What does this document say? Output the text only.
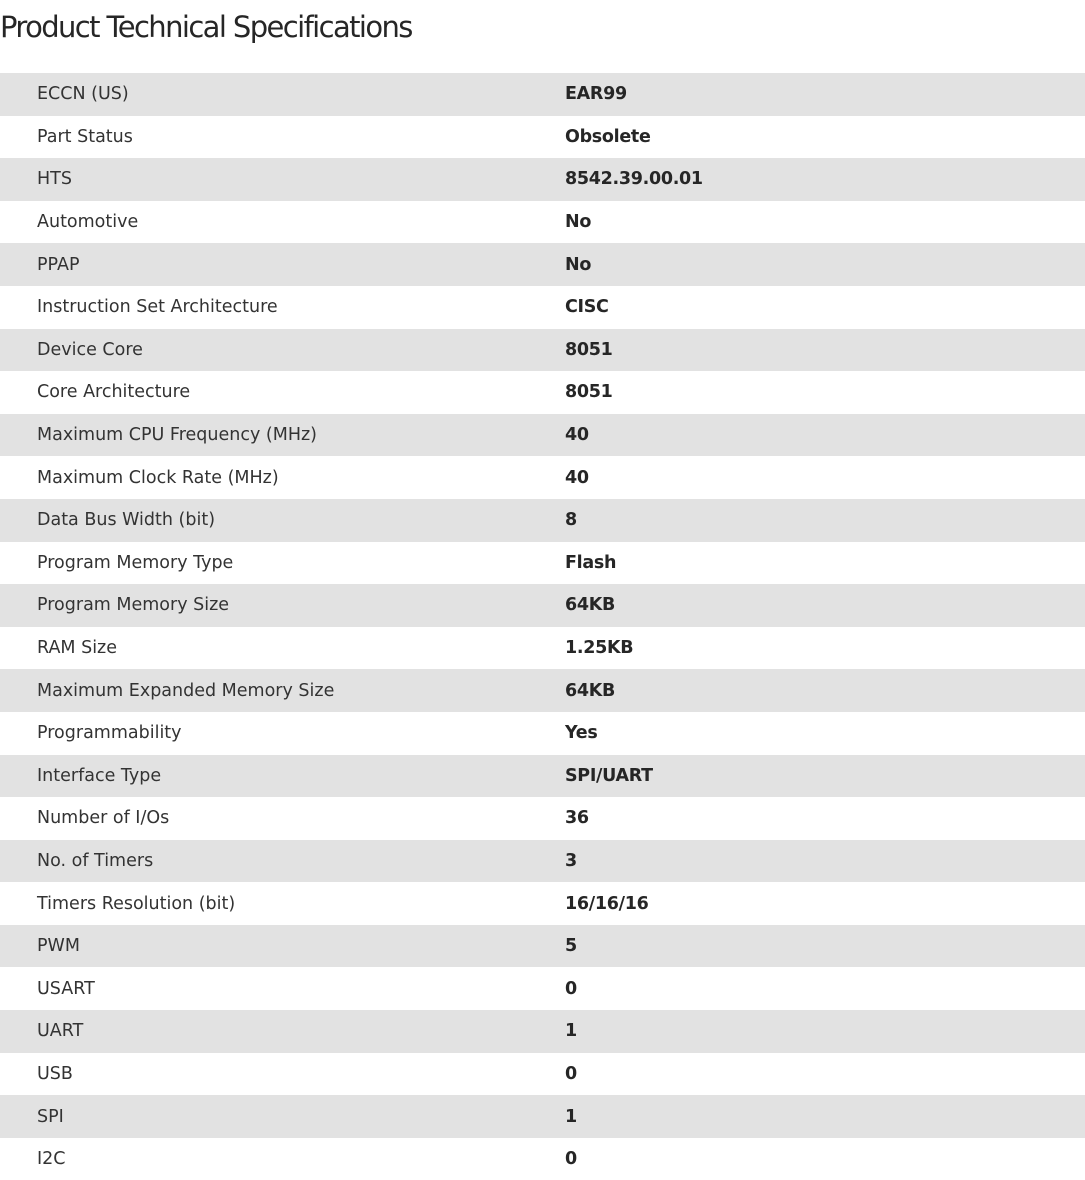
Product Technical Specifications
ECCN (US)	EAR99
Part Status	Obsolete
HTS	8542.39.00.01
Automotive	No
PPAP	No
Instruction Set Architecture	CISC
Device Core	8051
Core Architecture	8051
Maximum CPU Frequency (MHz)	40
Maximum Clock Rate (MHz)	40
Data Bus Width (bit)	8
Program Memory Type	Flash
Program Memory Size	64KB
RAM Size	1.25KB
Maximum Expanded Memory Size	64KB
Programmability	Yes
Interface Type	SPI/UART
Number of I/Os	36
No. of Timers	3
Timers Resolution (bit)	16/16/16
PWM	5
USART	0
UART	1
USB	0
SPI	1
I2C	0
